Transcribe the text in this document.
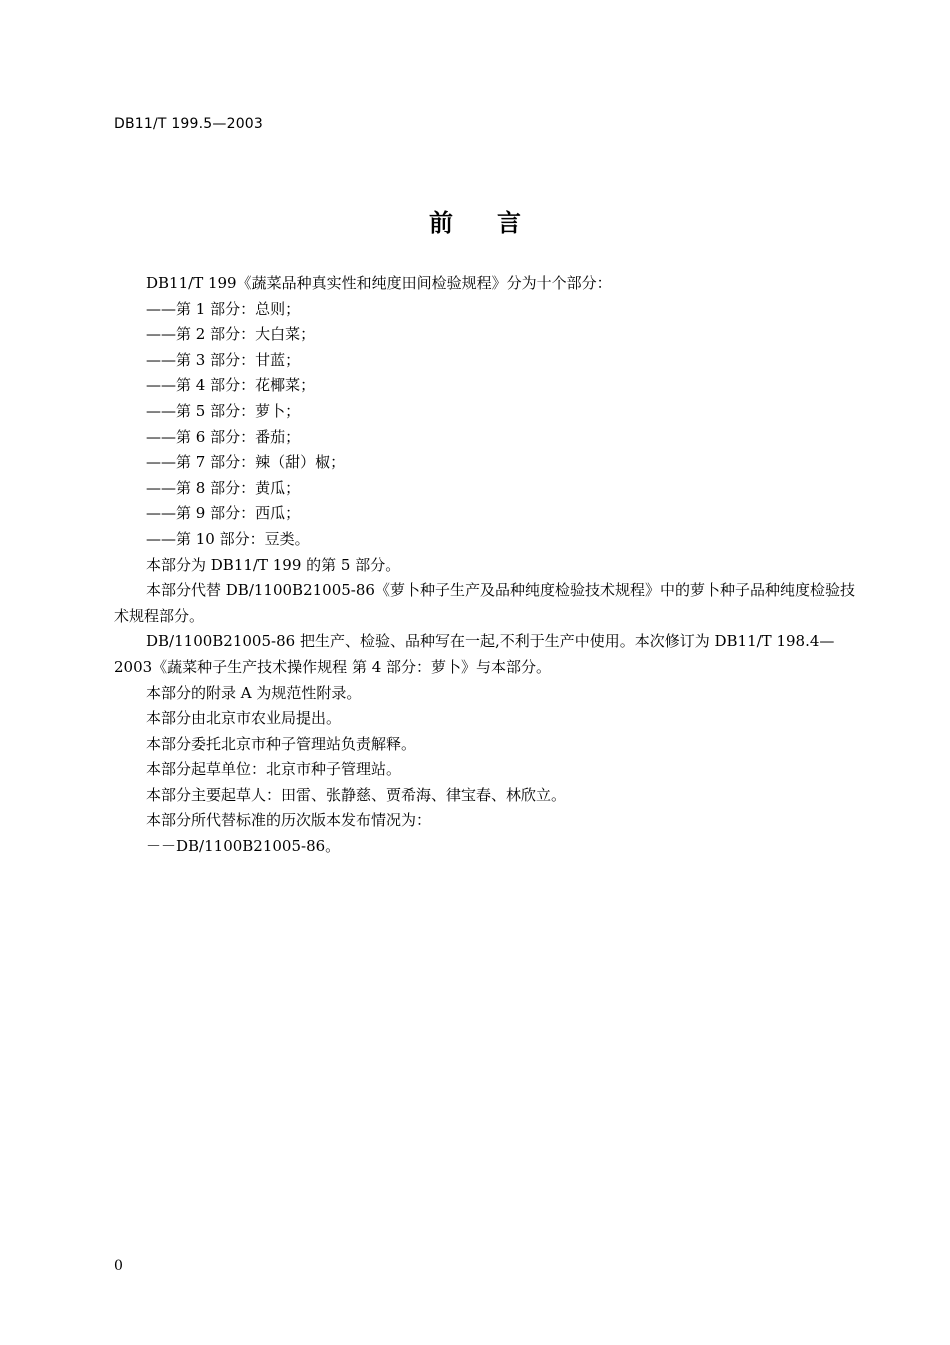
DB11/T 199.5—2003
前言

DB11/T 199《蔬菜品种真实性和纯度田间检验规程》分为十个部分：

——第 1 部分：总则；

——第 2 部分：大白菜；

——第 3 部分：甘蓝；

——第 4 部分：花椰菜；

——第 5 部分：萝卜；

——第 6 部分：番茄；

——第 7 部分：辣（甜）椒；

——第 8 部分：黄瓜；

——第 9 部分：西瓜；

——第 10 部分：豆类。

本部分为 DB11/T 199 的第 5 部分。

本部分代替 DB/1100B21005-86《萝卜种子生产及品种纯度检验技术规程》中的萝卜种子品种纯度检验技术规程部分。

DB/1100B21005-86 把生产、检验、品种写在一起,不利于生产中使用。本次修订为 DB11/T 198.4—2003《蔬菜种子生产技术操作规程 第 4 部分：萝卜》与本部分。

本部分的附录 A 为规范性附录。

本部分由北京市农业局提出。

本部分委托北京市种子管理站负责解释。

本部分起草单位：北京市种子管理站。

本部分主要起草人：田雷、张静慈、贾希海、律宝春、林欣立。

本部分所代替标准的历次版本发布情况为：

－－DB/1100B21005-86。

0
